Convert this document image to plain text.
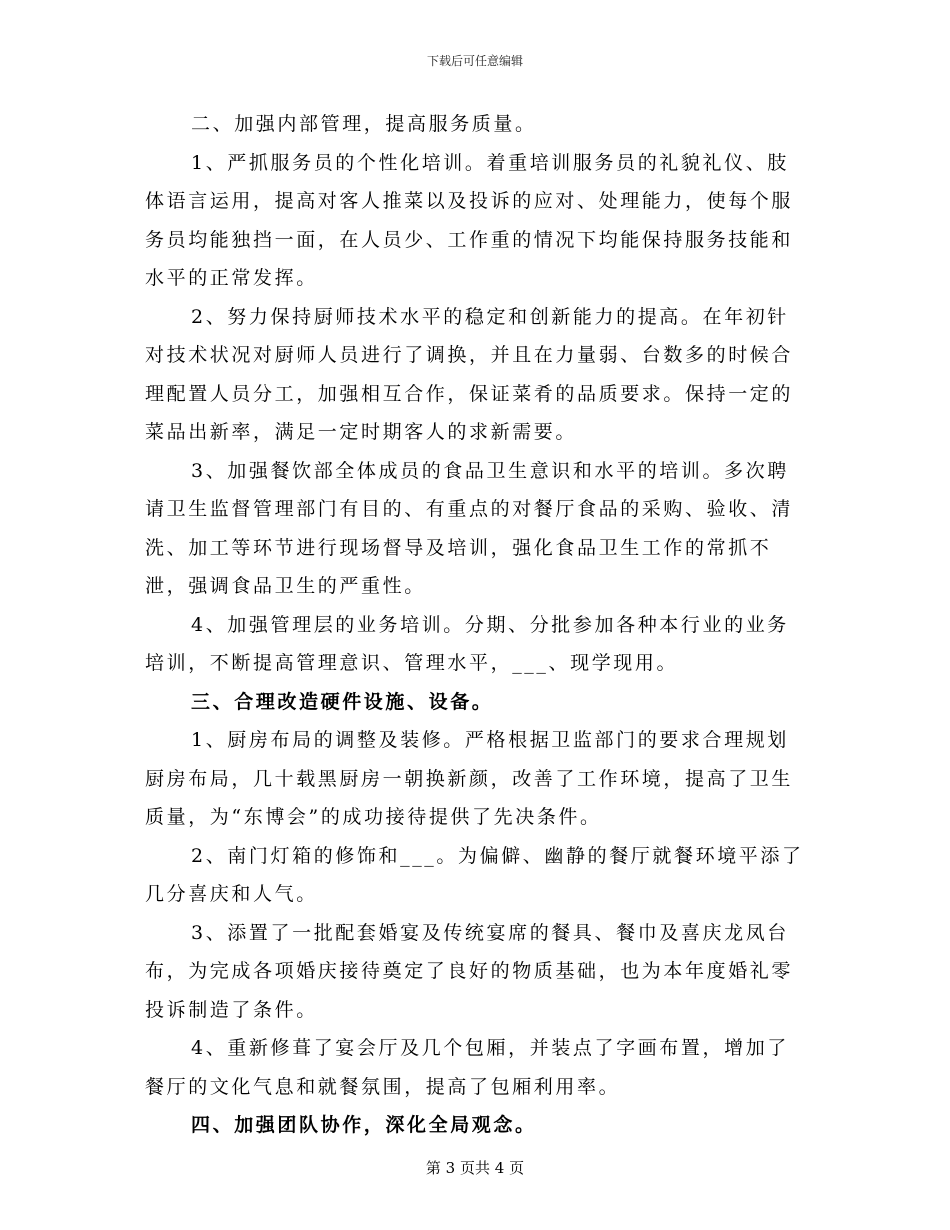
下载后可任意编辑

二、加强内部管理，提高服务质量。

1、严抓服务员的个性化培训。着重培训服务员的礼貌礼仪、肢体语言运用，提高对客人推菜以及投诉的应对、处理能力，使每个服务员均能独挡一面，在人员少、工作重的情况下均能保持服务技能和水平的正常发挥。

2、努力保持厨师技术水平的稳定和创新能力的提高。在年初针对技术状况对厨师人员进行了调换，并且在力量弱、台数多的时候合理配置人员分工，加强相互合作，保证菜肴的品质要求。保持一定的菜品出新率，满足一定时期客人的求新需要。

3、加强餐饮部全体成员的食品卫生意识和水平的培训。多次聘请卫生监督管理部门有目的、有重点的对餐厅食品的采购、验收、清洗、加工等环节进行现场督导及培训，强化食品卫生工作的常抓不泄，强调食品卫生的严重性。

4、加强管理层的业务培训。分期、分批参加各种本行业的业务培训，不断提高管理意识、管理水平，___、现学现用。

三、合理改造硬件设施、设备。

1、厨房布局的调整及装修。严格根据卫监部门的要求合理规划厨房布局，几十载黑厨房一朝换新颜，改善了工作环境，提高了卫生质量，为“东博会”的成功接待提供了先决条件。

2、南门灯箱的修饰和___。为偏僻、幽静的餐厅就餐环境平添了几分喜庆和人气。

3、添置了一批配套婚宴及传统宴席的餐具、餐巾及喜庆龙凤台布，为完成各项婚庆接待奠定了良好的物质基础，也为本年度婚礼零投诉制造了条件。

4、重新修葺了宴会厅及几个包厢，并装点了字画布置，增加了餐厅的文化气息和就餐氛围，提高了包厢利用率。

四、加强团队协作，深化全局观念。

第 3 页共 4 页
